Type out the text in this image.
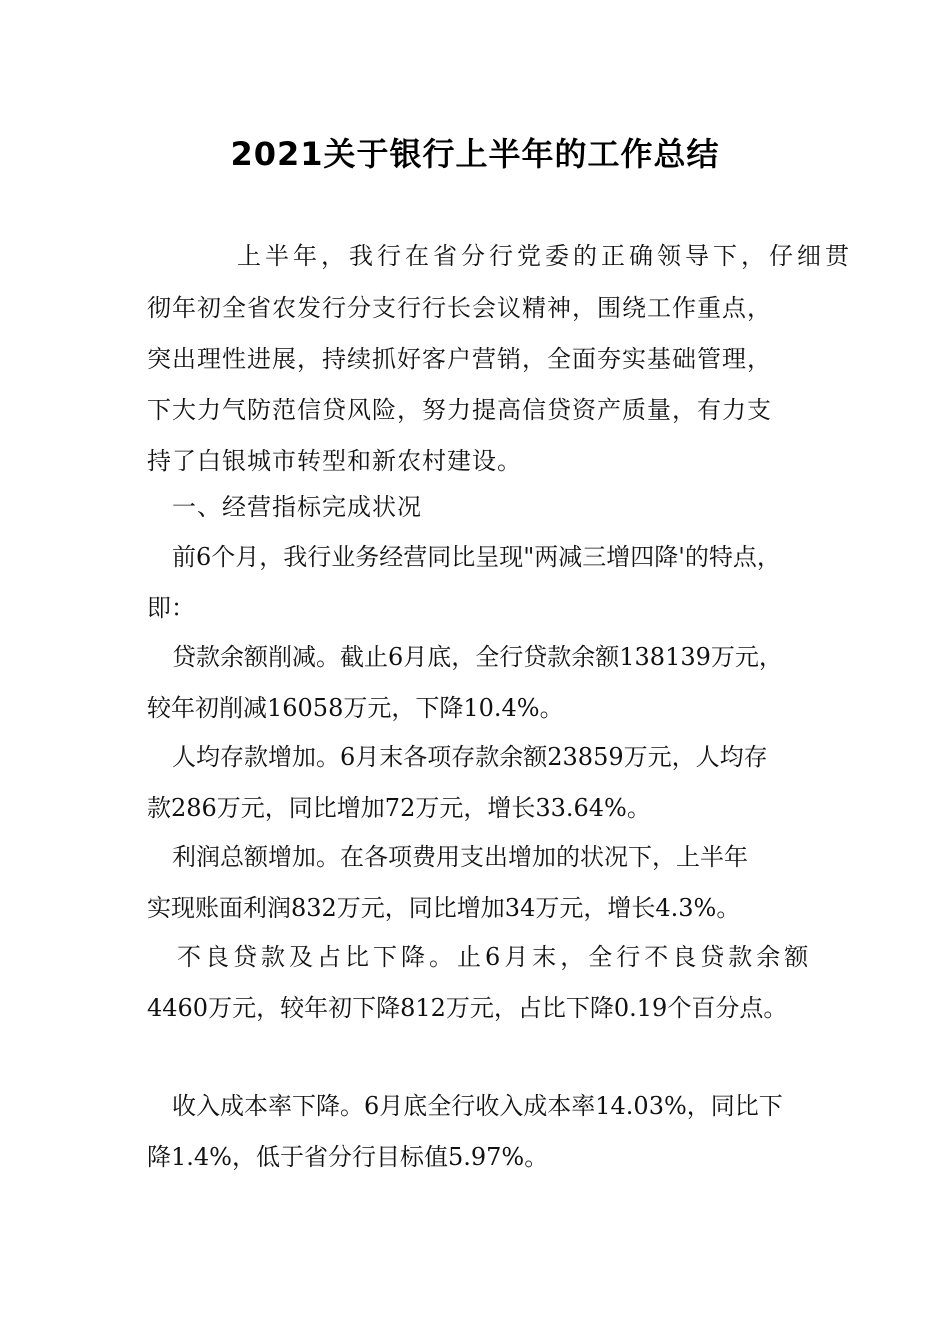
2021关于银行上半年的工作总结
上半年，我行在省分行党委的正确领导下，仔细贯
彻年初全省农发行分支行行长会议精神，围绕工作重点，
突出理性进展，持续抓好客户营销，全面夯实基础管理，
下大力气防范信贷风险，努力提高信贷资产质量，有力支
持了白银城市转型和新农村建设。
一、经营指标完成状况
前6个月，我行业务经营同比呈现"两减三增四降'的特点，
即：
贷款余额削减。截止6月底，全行贷款余额138139万元，
较年初削减16058万元，下降10.4%。
人均存款增加。6月末各项存款余额23859万元，人均存
款286万元，同比增加72万元，增长33.64%。
利润总额增加。在各项费用支出增加的状况下，上半年
实现账面利润832万元，同比增加34万元，增长4.3%。
不良贷款及占比下降。止6月末，全行不良贷款余额
4460万元，较年初下降812万元，占比下降0.19个百分点。
收入成本率下降。6月底全行收入成本率14.03%，同比下
降1.4%，低于省分行目标值5.97%。
